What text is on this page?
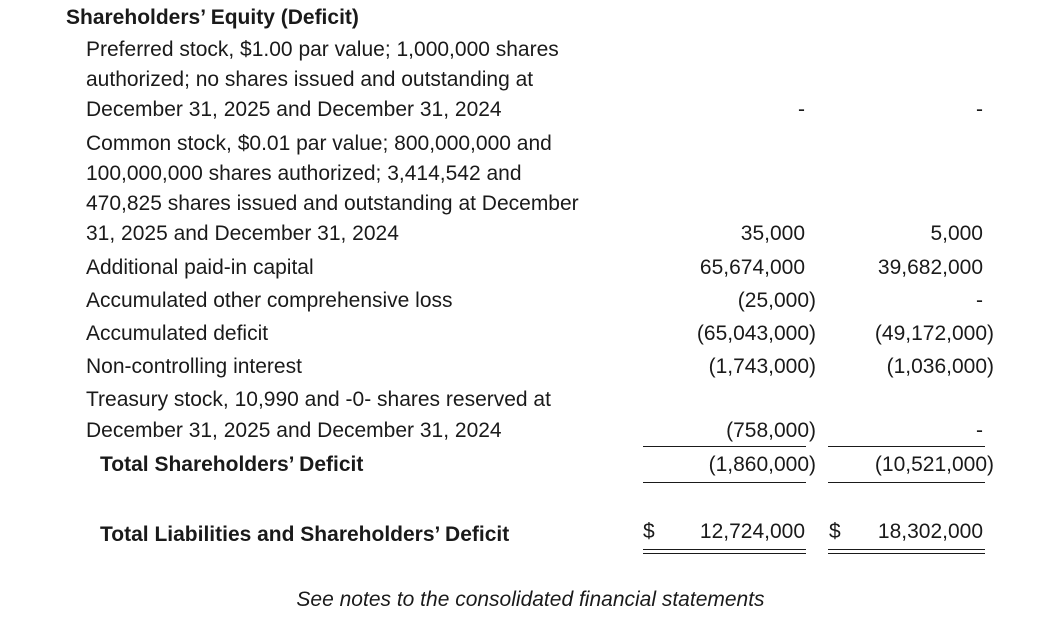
Shareholders’ Equity (Deficit)
Preferred stock, $1.00 par value; 1,000,000 shares
authorized; no shares issued and outstanding at
December 31, 2025 and December 31, 2024	-	-
Common stock, $0.01 par value; 800,000,000 and
100,000,000 shares authorized; 3,414,542 and
470,825 shares issued and outstanding at December
31, 2025 and December 31, 2024	35,000	5,000
Additional paid-in capital	65,674,000	39,682,000
Accumulated other comprehensive loss	(25,000)	-
Accumulated deficit	(65,043,000)	(49,172,000)
Non-controlling interest	(1,743,000)	(1,036,000)
Treasury stock, 10,990 and -0- shares reserved at
December 31, 2025 and December 31, 2024	(758,000)	-
Total Shareholders’ Deficit	(1,860,000)	(10,521,000)
Total Liabilities and Shareholders’ Deficit	$ 12,724,000 $ 18,302,000
See notes to the consolidated financial statements
